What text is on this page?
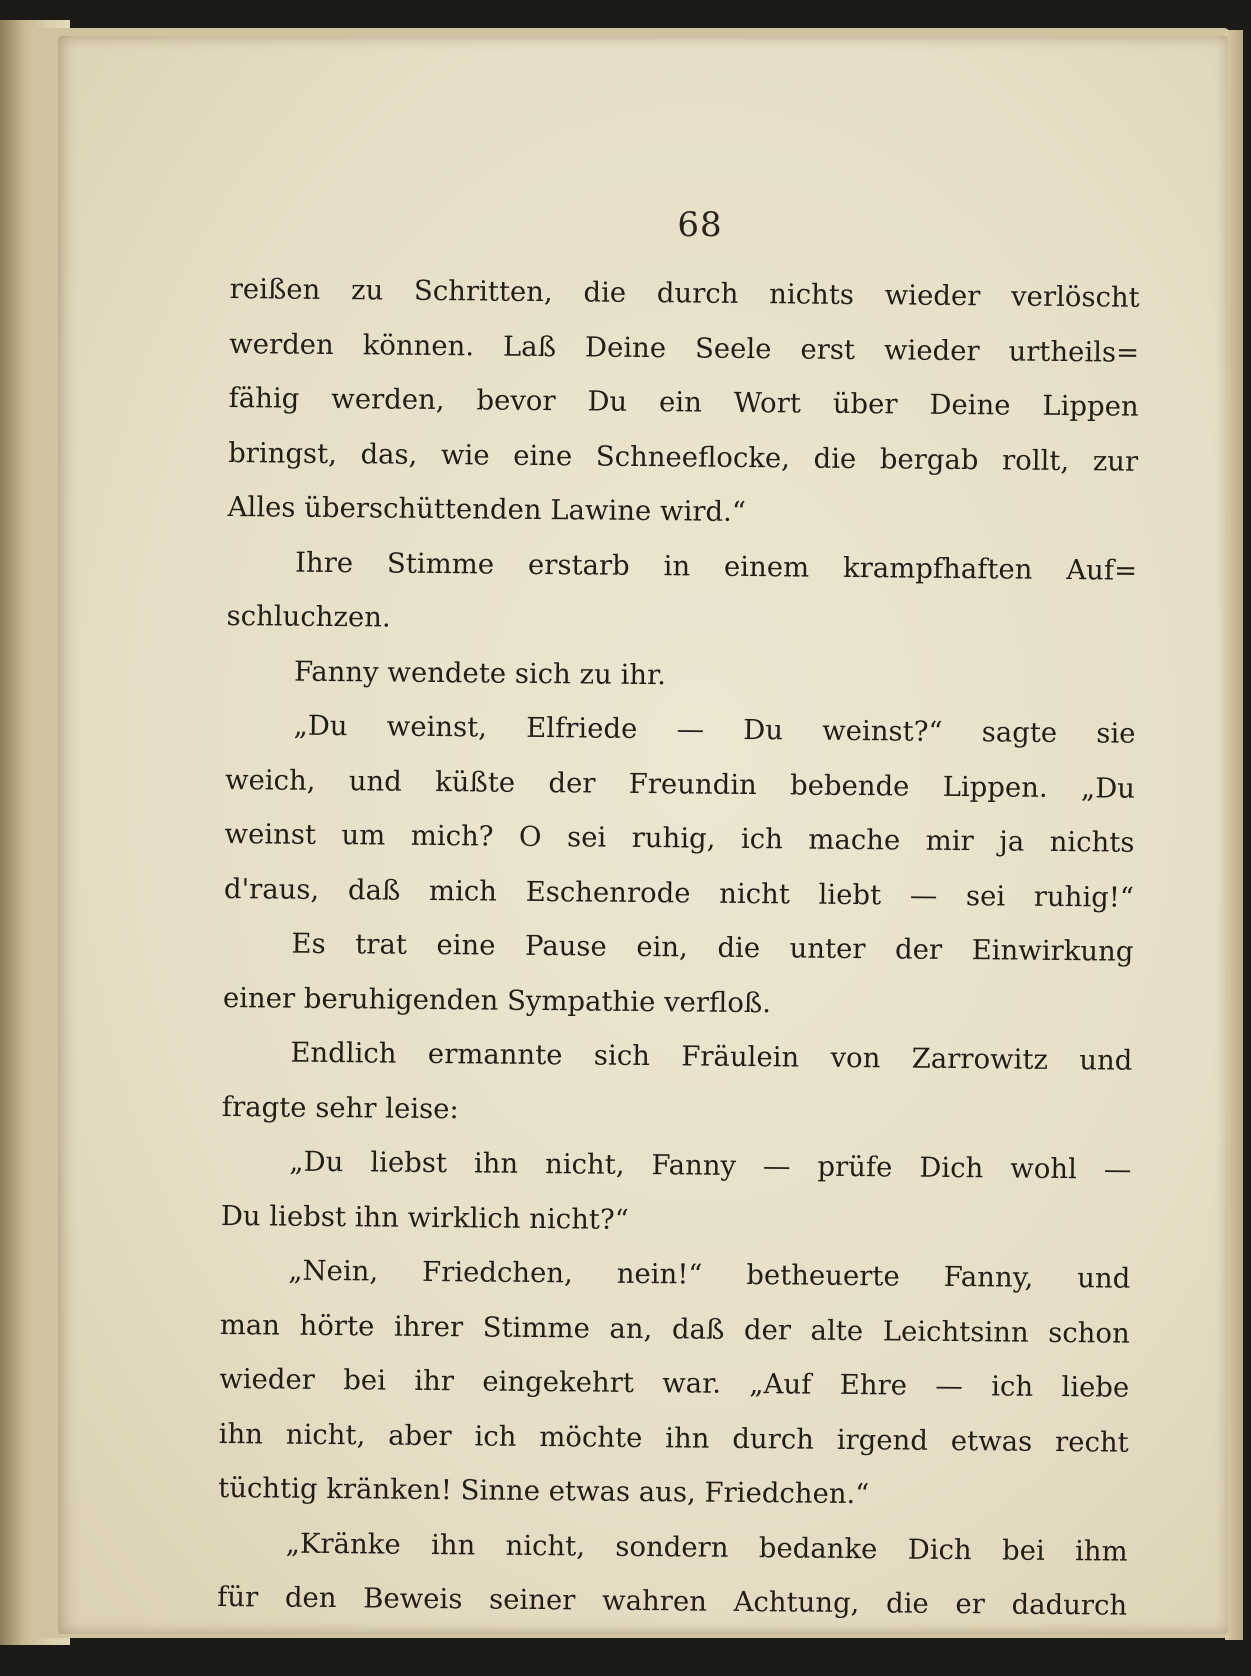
68
reißen zu Schritten, die durch nichts wieder verlöscht
werden können. Laß Deine Seele erst wieder urtheils=
fähig werden, bevor Du ein Wort über Deine Lippen
bringst, das, wie eine Schneeflocke, die bergab rollt, zur
Alles überschüttenden Lawine wird.“
Ihre Stimme erstarb in einem krampfhaften Auf=
schluchzen.
Fanny wendete sich zu ihr.
„Du weinst, Elfriede — Du weinst?“ sagte sie
weich, und küßte der Freundin bebende Lippen. „Du
weinst um mich? O sei ruhig, ich mache mir ja nichts
d'raus, daß mich Eschenrode nicht liebt — sei ruhig!“
Es trat eine Pause ein, die unter der Einwirkung
einer beruhigenden Sympathie verfloß.
Endlich ermannte sich Fräulein von Zarrowitz und
fragte sehr leise:
„Du liebst ihn nicht, Fanny — prüfe Dich wohl —
Du liebst ihn wirklich nicht?“
„Nein, Friedchen, nein!“ betheuerte Fanny, und
man hörte ihrer Stimme an, daß der alte Leichtsinn schon
wieder bei ihr eingekehrt war. „Auf Ehre — ich liebe
ihn nicht, aber ich möchte ihn durch irgend etwas recht
tüchtig kränken! Sinne etwas aus, Friedchen.“
„Kränke ihn nicht, sondern bedanke Dich bei ihm
für den Beweis seiner wahren Achtung, die er dadurch
